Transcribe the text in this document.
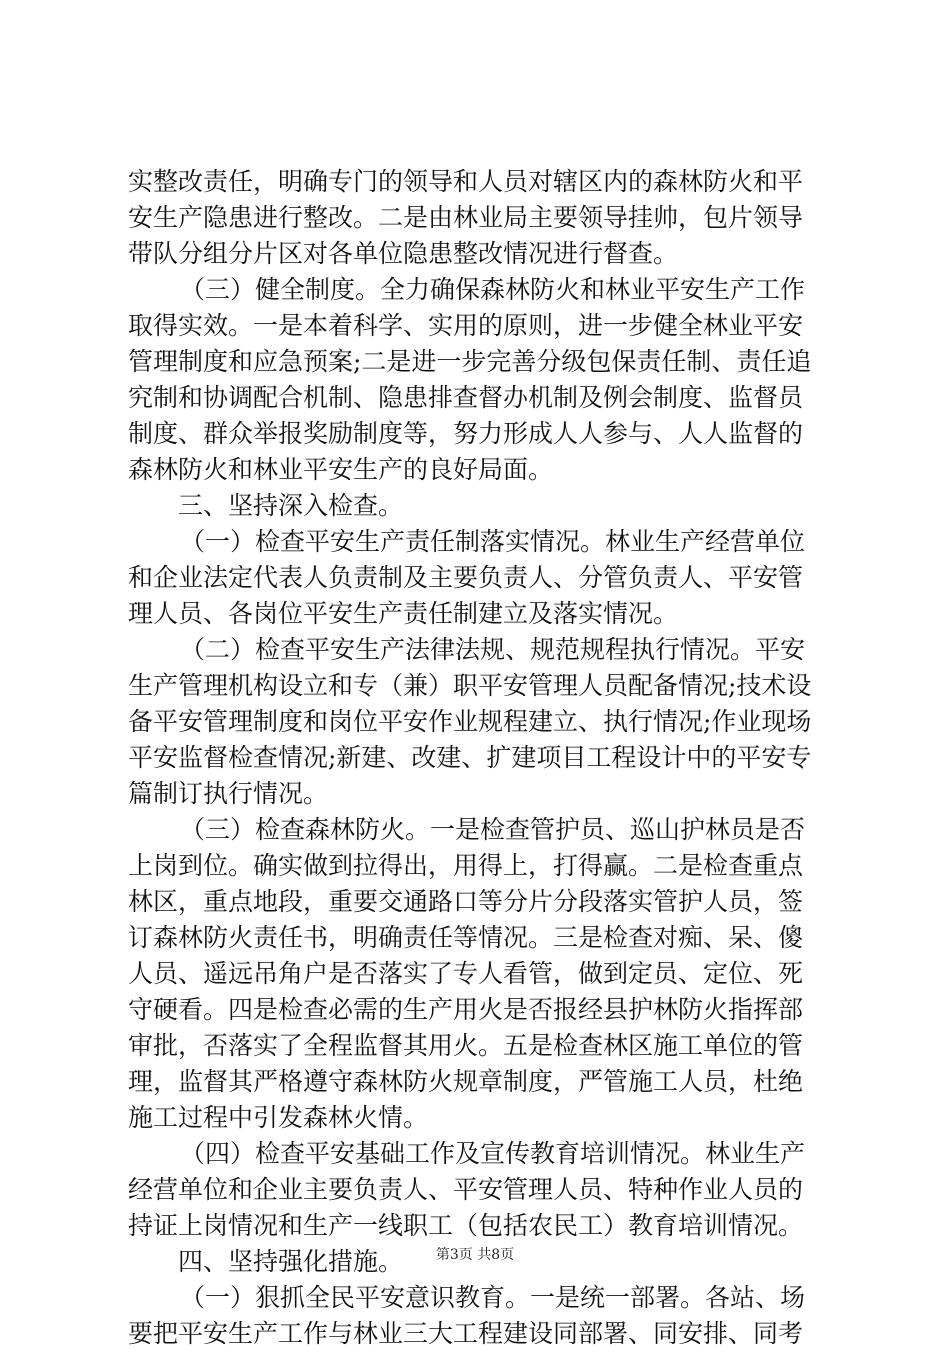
实整改责任，明确专门的领导和人员对辖区内的森林防火和平
安生产隐患进行整改。二是由林业局主要领导挂帅，包片领导
带队分组分片区对各单位隐患整改情况进行督查。
（三）健全制度。全力确保森林防火和林业平安生产工作
取得实效。一是本着科学、实用的原则，进一步健全林业平安
管理制度和应急预案;二是进一步完善分级包保责任制、责任追
究制和协调配合机制、隐患排查督办机制及例会制度、监督员
制度、群众举报奖励制度等，努力形成人人参与、人人监督的
森林防火和林业平安生产的良好局面。
三、坚持深入检查。
（一）检查平安生产责任制落实情况。林业生产经营单位
和企业法定代表人负责制及主要负责人、分管负责人、平安管
理人员、各岗位平安生产责任制建立及落实情况。
（二）检查平安生产法律法规、规范规程执行情况。平安
生产管理机构设立和专（兼）职平安管理人员配备情况;技术设
备平安管理制度和岗位平安作业规程建立、执行情况;作业现场
平安监督检查情况;新建、改建、扩建项目工程设计中的平安专
篇制订执行情况。
（三）检查森林防火。一是检查管护员、巡山护林员是否
上岗到位。确实做到拉得出，用得上，打得赢。二是检查重点
林区，重点地段，重要交通路口等分片分段落实管护人员，签
订森林防火责任书，明确责任等情况。三是检查对痴、呆、傻
人员、遥远吊角户是否落实了专人看管，做到定员、定位、死
守硬看。四是检查必需的生产用火是否报经县护林防火指挥部
审批，否落实了全程监督其用火。五是检查林区施工单位的管
理，监督其严格遵守森林防火规章制度，严管施工人员，杜绝
施工过程中引发森林火情。
（四）检查平安基础工作及宣传教育培训情况。林业生产
经营单位和企业主要负责人、平安管理人员、特种作业人员的
持证上岗情况和生产一线职工（包括农民工）教育培训情况。
四、坚持强化措施。
（一）狠抓全民平安意识教育。一是统一部署。各站、场
要把平安生产工作与林业三大工程建设同部署、同安排、同考
第3页 共8页
